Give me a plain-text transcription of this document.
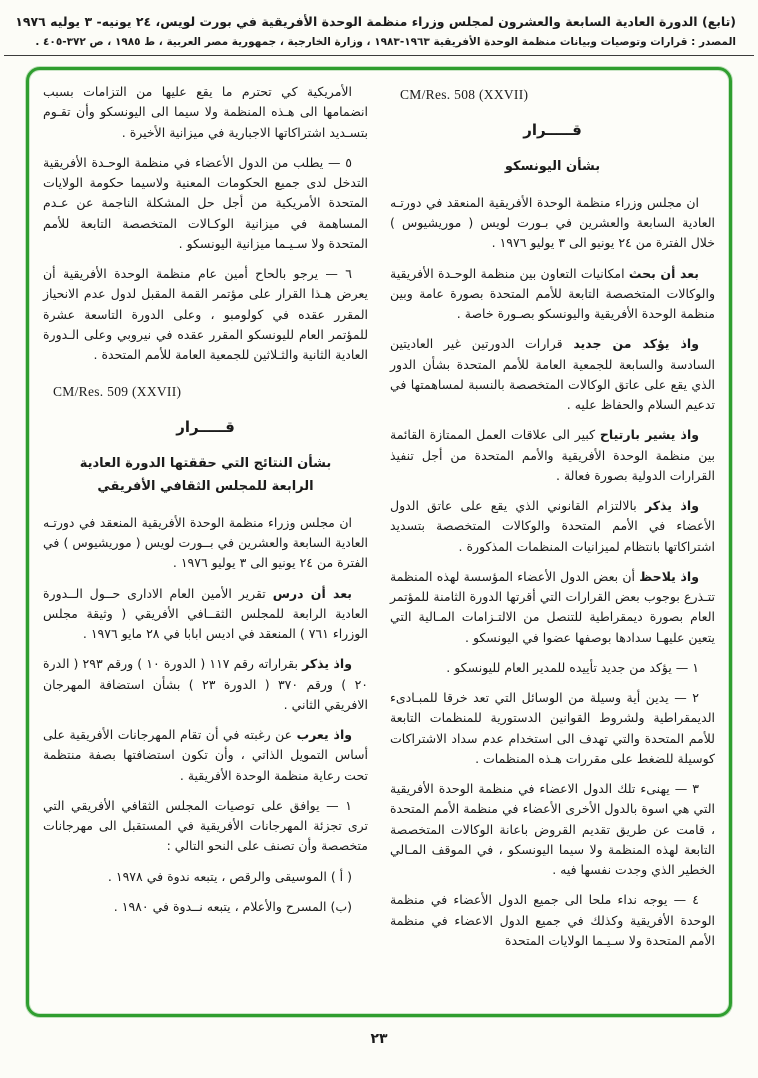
(تابع) الدورة العادية السابعة والعشرون لمجلس وزراء منظمة الوحدة الأفريقية في بورت لويس، ٢٤ يونيه- ٣ يوليه ١٩٧٦
المصدر : قرارات وتوصيات وبيانات منظمة الوحدة الأفريقية ١٩٦٣-١٩٨٣ ، وزارة الخارجية ، جمهورية مصر العربية ، ط ١٩٨٥ ، ص ٣٧٢-٤٠٥ .
CM/Res. 508 (XXVII)
قـــــرار
بشأن اليونسكو

ان مجلس وزراء منظمة الوحدة الأفريقية المنعقد في دورتـه العادية السابعة والعشرين في بـورت لويس ( موريشيوس ) خلال الفترة من ٢٤ يونيو الى ٣ يوليو ١٩٧٦ .

بعد أن بحث امكانيات التعاون بين منظمة الوحـدة الأفريقية والوكالات المتخصصة التابعة للأمم المتحدة بصورة عامة وبين منظمة الوحدة الأفريقية واليونسكو بصـورة خاصة .

واذ يؤكد من جديد قرارات الدورتين غير العاديتين السادسة والسابعة للجمعية العامة للأمم المتحدة بشأن الدور الذي يقع على عاتق الوكالات المتخصصة بالنسبة لمساهمتها في تدعيم السلام والحفاظ عليه .

واذ يشير بارتياح كبير الى علاقات العمل الممتازة القائمة بين منظمة الوحدة الأفريقية والأمم المتحدة من أجل تنفيذ القرارات الدولية بصورة فعالة .

واذ يذكر بالالتزام القانوني الذي يقع على عاتق الدول الأعضاء في الأمم المتحدة والوكالات المتخصصة بتسديد اشتراكاتها بانتظام لميزانيات المنظمات المذكورة .

واذ يلاحظ أن بعض الدول الأعضاء المؤسسة لهذه المنظمة تتـذرع بوجوب بعض القرارات التي أقرتها الدورة الثامنة للمؤتمر العام بصورة ديمقراطية للتنصل من الالتـزامات المـالية التي يتعين عليهـا سدادها بوصفها عضوا في اليونسكو .

١ — يؤكد من جديد تأييده للمدير العام لليونسكو .

٢ — يدين أية وسيلة من الوسائل التي تعد خرقا للمبـادىء الديمقراطية ولشروط القوانين الدستورية للمنظمات التابعة للأمم المتحدة والتي تهدف الى استخدام عدم سداد الاشتراكات كوسيلة للضغط على مقررات هـذه المنظمات .

٣ — يهنىء تلك الدول الاعضاء في منظمة الوحدة الأفريقية التي هي اسوة بالدول الأخرى الأعضاء في منظمة الأمم المتحدة ، قامت عن طريق تقديم القروض باعانة الوكالات المتخصصة التابعة لهذه المنظمة ولا سيما اليونسكو ، في الموقف المـالي الخطير الذي وجدت نفسها فيه .

٤ — يوجه نداء ملحا الى جميع الدول الأعضاء في منظمة الوحدة الأفريقية وكذلك في جميع الدول الاعضاء في منظمة الأمم المتحدة ولا سـيـما الولايات المتحدة

الأمريكية كي تحترم ما يقع عليها من التزامات بسبب انضمامها الى هـذه المنظمة ولا سيما الى اليونسكو وأن تقـوم بتسـديد اشتراكاتها الاجبارية في ميزانية الأخيرة .

٥ — يطلب من الدول الأعضاء في منظمة الوحـدة الأفريقية التدخل لدى جميع الحكومات المعنية ولاسيما حكومة الولايات المتحدة الأمريكية من أجل حل المشكلة الناجمة عن عـدم المساهمة في ميزانية الوكـالات المتخصصة التابعة للأمم المتحدة ولا سـيـما ميزانية اليونسكو .

٦ — يرجو بالحاح أمين عام منظمة الوحدة الأفريقية أن يعرض هـذا القرار على مؤتمر القمة المقبل لدول عدم الانحياز المقرر عقده في كولومبو ، وعلى الدورة التاسعة عشرة للمؤتمر العام لليونسكو المقرر عقده في نيروبي وعلى الـدورة العادية الثانية والثـلاثين للجمعية العامة للأمم المتحدة .

CM/Res. 509 (XXVII)
قـــــرار
بشأن النتائج التي حققتها الدورة العادية الرابعة للمجلس الثقافي الأفريقي

ان مجلس وزراء منظمة الوحدة الأفريقية المنعقد في دورتـه العادية السابعة والعشرين في بــورت لويس ( موريشيوس ) في الفترة من ٢٤ يونيو الى ٣ يوليو ١٩٧٦ .

بعد أن درس تقرير الأمين العام الادارى حــول الــدورة العادية الرابعة للمجلس الثقــافي الأفريقي ( وثيقة مجلس الوزراء ٧٦١ ) المنعقد في اديس ابابا في ٢٨ مايو ١٩٧٦ .

واذ يذكر بقراراته رقم ١١٧ ( الدورة ١٠ ) ورقم ٢٩٣ ( الدرة ٢٠ ) ورقم ٣٧٠ ( الدورة ٢٣ ) بشأن استضافة المهرجان الافريقي الثاني .

واذ يعرب عن رغبته في أن تقام المهرجانات الأفريقية على أساس التمويل الذاتي ، وأن تكون استضافتها بصفة منتظمة تحت رعاية منظمة الوحدة الأفريقية .

١ — يوافق على توصيات المجلس الثقافي الأفريقي التي ترى تجزئة المهرجانات الأفريقية في المستقبل الى مهرجانات متخصصة وأن تصنف على النحو التالي :

( أ ) الموسيقى والرقص ، يتبعه ندوة في ١٩٧٨ .

(ب) المسرح والأعلام ، يتبعه نــدوة في ١٩٨٠ .

٢٣
